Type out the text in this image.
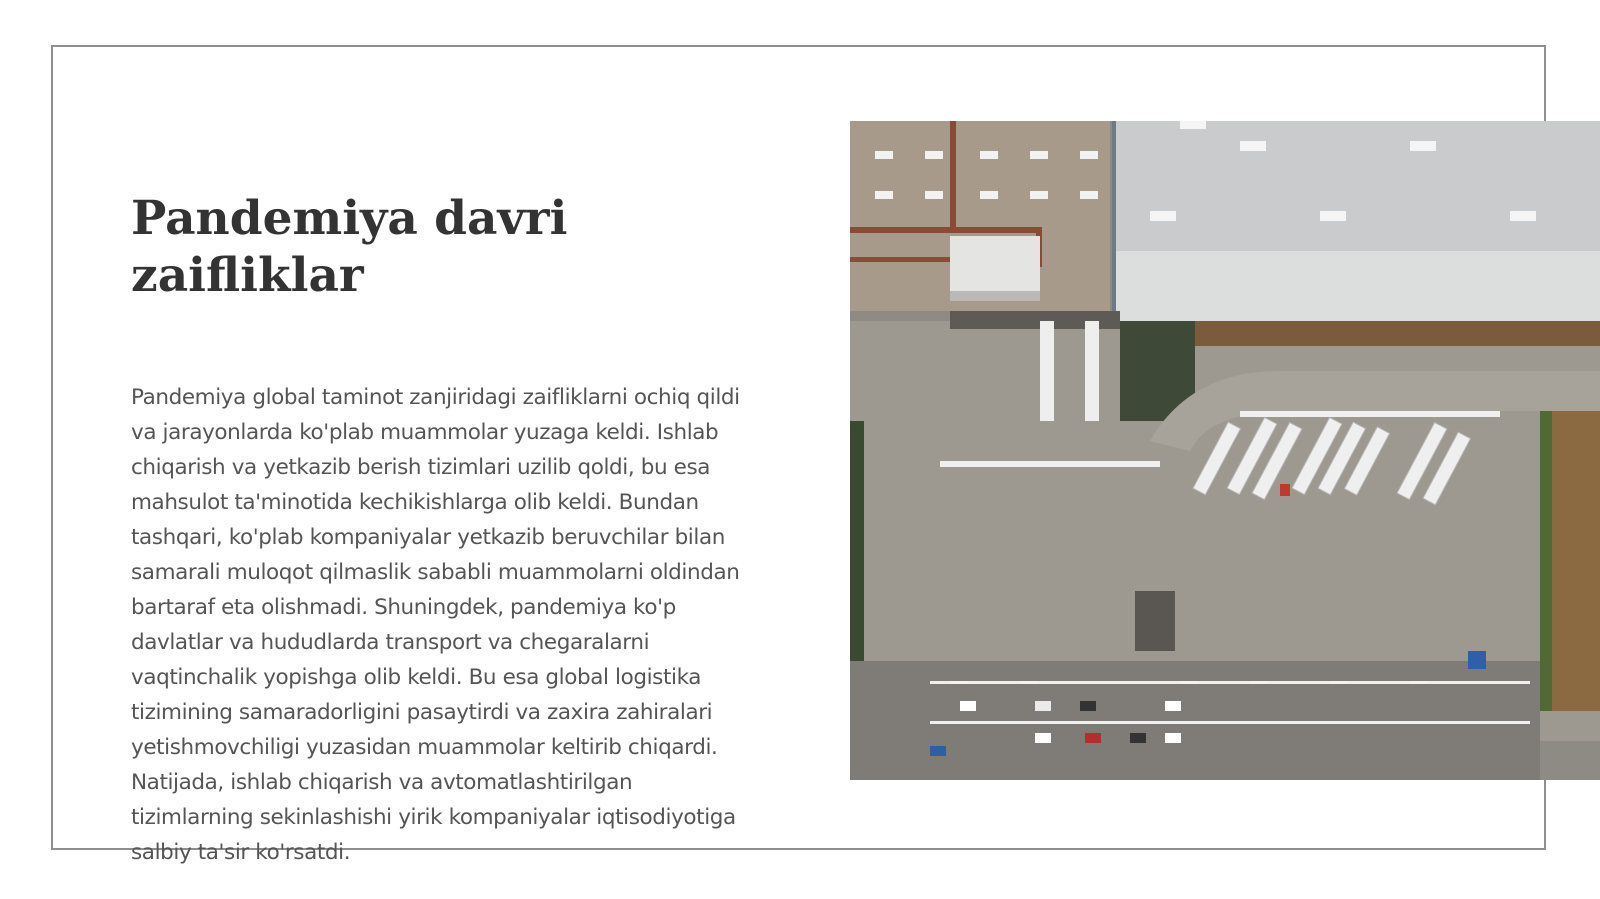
Pandemiya davri zaifliklar

Pandemiya global taminot zanjiridagi zaifliklarni ochiq qildi va jarayonlarda ko'plab muammolar yuzaga keldi. Ishlab chiqarish va yetkazib berish tizimlari uzilib qoldi, bu esa mahsulot ta'minotida kechikishlarga olib keldi. Bundan tashqari, ko'plab kompaniyalar yetkazib beruvchilar bilan samarali muloqot qilmaslik sababli muammolarni oldindan bartaraf eta olishmadi. Shuningdek, pandemiya ko'p davlatlar va hududlarda transport va chegaralarni vaqtinchalik yopishga olib keldi. Bu esa global logistika tizimining samaradorligini pasaytirdi va zaxira zahiralari yetishmovchiligi yuzasidan muammolar keltirib chiqardi. Natijada, ishlab chiqarish va avtomatlashtirilgan tizimlarning sekinlashishi yirik kompaniyalar iqtisodiyotiga salbiy ta'sir ko'rsatdi.
